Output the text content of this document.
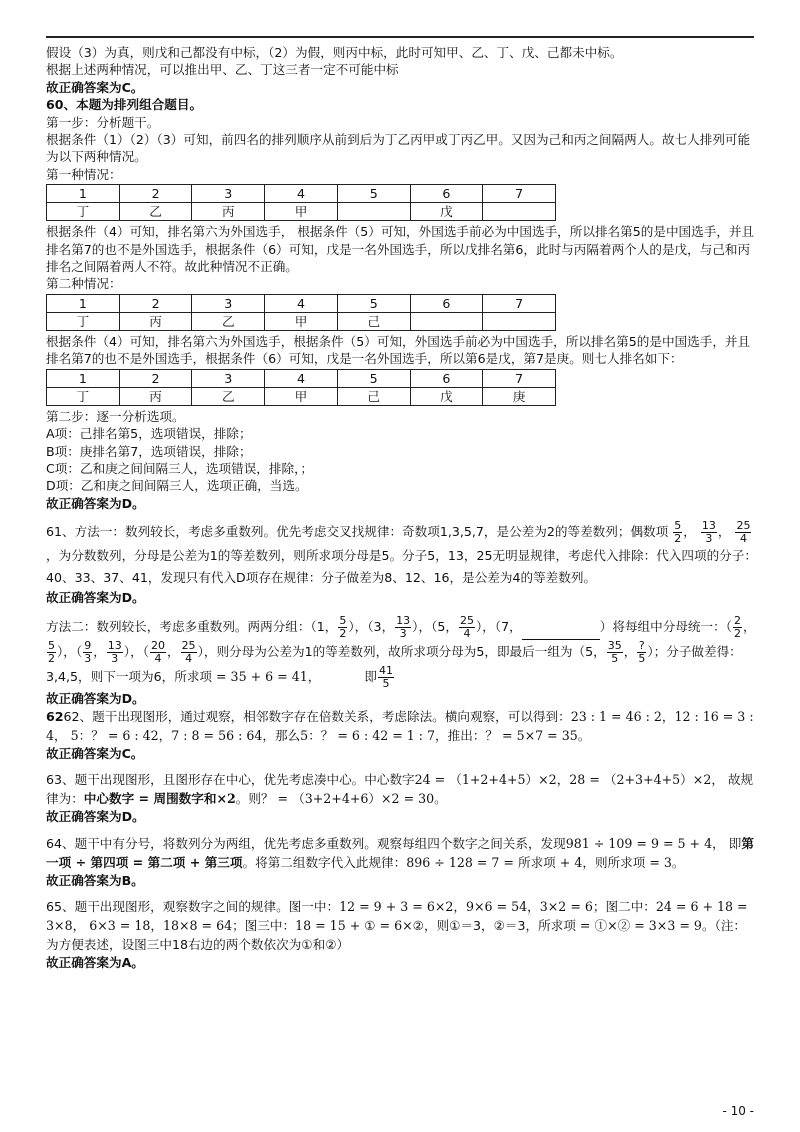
假设（3）为真，则戊和己都没有中标，（2）为假，则丙中标，此时可知甲、乙、丁、戊、己都未中标。

根据上述两种情况，可以推出甲、乙、丁这三者一定不可能中标

故正确答案为C。

60、本题为排列组合题目。

第一步：分析题干。

根据条件（1）（2）（3）可知，前四名的排列顺序从前到后为丁乙丙甲或丁丙乙甲。又因为己和丙之间隔两人。故七人排列可能为以下两种情况。

第一种情况：

1	2	3	4	5	6	7
丁	乙	丙	甲		戊	

根据条件（4）可知，排名第六为外国选手， 根据条件（5）可知，外国选手前必为中国选手，所以排名第5的是中国选手，并且排名第7的也不是外国选手，根据条件（6）可知，戊是一名外国选手，所以戊排名第6，此时与丙隔着两个人的是戊，与己和丙排名之间隔着两人不符。故此种情况不正确。

第二种情况：

1	2	3	4	5	6	7
丁	丙	乙	甲	己		

根据条件（4）可知，排名第六为外国选手，根据条件（5）可知，外国选手前必为中国选手，所以排名第5的是中国选手，并且排名第7的也不是外国选手，根据条件（6）可知，戊是一名外国选手，所以第6是戊，第7是庚。则七人排名如下：

1	2	3	4	5	6	7
丁	丙	乙	甲	己	戊	庚

第二步：逐一分析选项。

A项：己排名第5，选项错误，排除；

B项：庚排名第7，选项错误，排除；

C项：乙和庚之间间隔三人，选项错误，排除，；

D项：乙和庚之间间隔三人，选项正确，当选。

故正确答案为D。

61、方法一：数列较长，考虑多重数列。优先考虑交叉找规律：奇数项1,3,5,7，是公差为2的等差数列；偶数项 $\frac{5}{2}$ ， $\frac{13}{3}$ ， $\frac{25}{4}$
，为分数数列，分母是公差为1的等差数列，则所求项分母是5。分子5，13，25无明显规律，考虑代入排除：代入四项的分子：40、33、37、41，发现只有代入D项存在规律：分子做差为8、12、16，是公差为4的等差数列。

故正确答案为D。

方法二：数列较长，考虑多重数列。两两分组：（1， $\frac{5}{2}$ ），（3， $\frac{13}{3}$ ），（5， $\frac{25}{4}$ ），（7，	）将每组中分母统一：（ $\frac{2}{2}$ ，
$\frac{5}{2}$ ），（ $\frac{9}{3}$ ， $\frac{13}{3}$ ），（ $\frac{20}{4}$ ， $\frac{25}{4}$ ），则分母为公差为1的等差数列，故所求项分母为5，即最后一组为（5， $\frac{35}{5}$ ， $\frac{?}{5}$ ）；分子做差得：3,4,5，则下一项为6，所求项 = 35 + 6 = 41，	即 $\frac{41}{5}$

故正确答案为D。

6262、题干出现图形，通过观察，相邻数字存在倍数关系，考虑除法。横向观察，可以得到：23 : 1 = 46 : 2，12 : 16 = 3 : 4， 5：？ = 6 : 42，7 : 8 = 56 : 64，那么5：？ = 6 : 42 = 1 : 7，推出：？ = 5×7 = 35。

故正确答案为C。

63、题干出现图形，且图形存在中心，优先考虑凑中心。中心数字24 = （1+2+4+5）×2，28 = （2+3+4+5）×2， 故规律为：中心数字 = 周围数字和×2。则？ = （3+2+4+6）×2 = 30。

故正确答案为D。

64、题干中有分号，将数列分为两组，优先考虑多重数列。观察每组四个数字之间关系，发现981 ÷ 109 = 9 = 5 + 4， 即第一项 ÷ 第四项 = 第二项 + 第三项。将第二组数字代入此规律：896 ÷ 128 = 7 = 所求项 + 4，则所求项 = 3。

故正确答案为B。

65、题干出现图形，观察数字之间的规律。图一中：12 = 9 + 3 = 6×2，9×6 = 54，3×2 = 6；图二中：24 = 6 + 18 = 3×8， 6×3 = 18，18×8 = 64；图三中：18 = 15 + ① = 6×②，则①＝3，②＝3，所求项 = ①×② = 3×3 = 9。（注：为方便表述，设图三中18右边的两个数依次为①和②）

故正确答案为A。

- 10 -
